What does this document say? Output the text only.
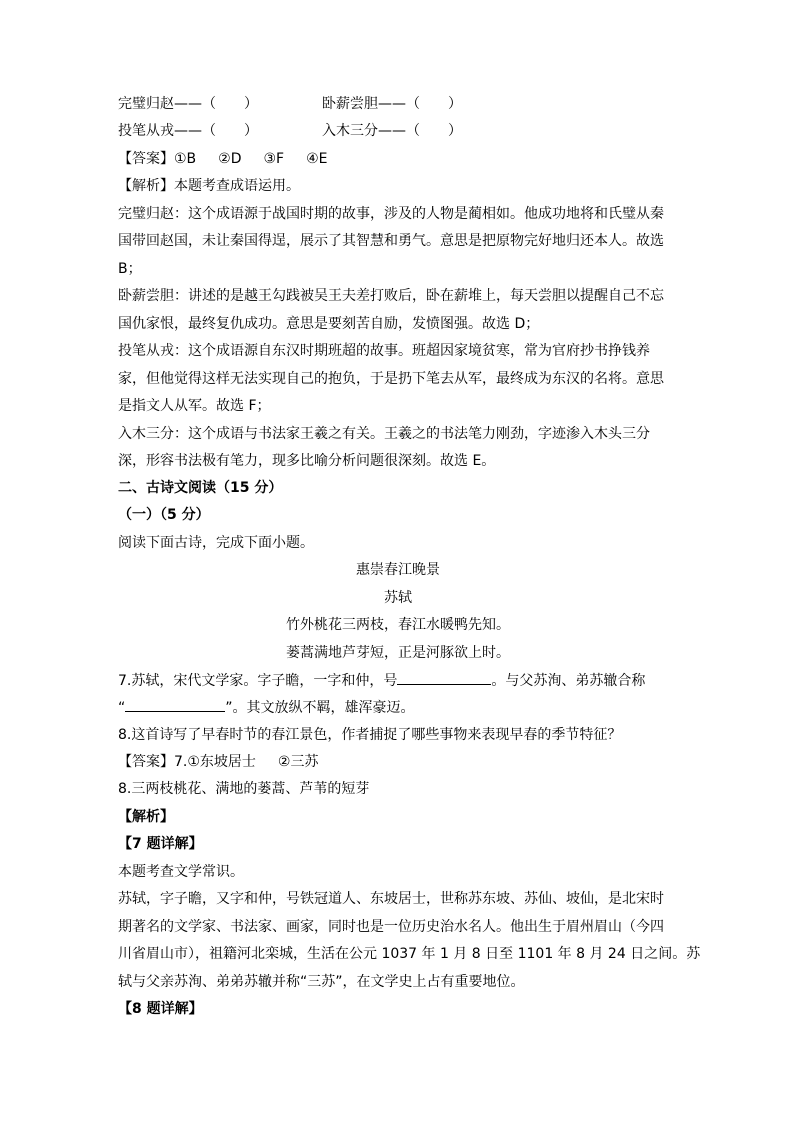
完璧归赵——（　　）	卧薪尝胆——（　　）
投笔从戎——（　　）	入木三分——（　　）
【答案】①B ②D ③F ④E
【解析】本题考查成语运用。
完璧归赵：这个成语源于战国时期的故事，涉及的人物是蔺相如。他成功地将和氏璧从秦
国带回赵国，未让秦国得逞，展示了其智慧和勇气。意思是把原物完好地归还本人。故选
B；
卧薪尝胆：讲述的是越王勾践被吴王夫差打败后，卧在薪堆上，每天尝胆以提醒自己不忘
国仇家恨，最终复仇成功。意思是要刻苦自励，发愤图强。故选 D；
投笔从戎：这个成语源自东汉时期班超的故事。班超因家境贫寒，常为官府抄书挣钱养
家，但他觉得这样无法实现自己的抱负，于是扔下笔去从军，最终成为东汉的名将。意思
是指文人从军。故选 F；
入木三分：这个成语与书法家王羲之有关。王羲之的书法笔力刚劲，字迹渗入木头三分
深，形容书法极有笔力，现多比喻分析问题很深刻。故选 E。
二、古诗文阅读（15 分）
（一）（5 分）
阅读下面古诗，完成下面小题。
惠崇春江晚景
苏轼
竹外桃花三两枝，春江水暖鸭先知。
蒌蒿满地芦芽短，正是河豚欲上时。
7.苏轼，宋代文学家。字子瞻，一字和仲，号	。与父苏洵、弟苏辙合称
“	”。其文放纵不羁，雄浑豪迈。
8.这首诗写了早春时节的春江景色，作者捕捉了哪些事物来表现早春的季节特征？
【答案】7.①东坡居士 ②三苏
8.三两枝桃花、满地的蒌蒿、芦苇的短芽
【解析】
【7 题详解】
本题考查文学常识。
苏轼，字子瞻，又字和仲，号铁冠道人、东坡居士，世称苏东坡、苏仙、坡仙，是北宋时
期著名的文学家、书法家、画家，同时也是一位历史治水名人。他出生于眉州眉山（今四
川省眉山市），祖籍河北栾城，生活在公元 1037 年 1 月 8 日至 1101 年 8 月 24 日之间。苏
轼与父亲苏洵、弟弟苏辙并称“三苏”，在文学史上占有重要地位。
【8 题详解】
